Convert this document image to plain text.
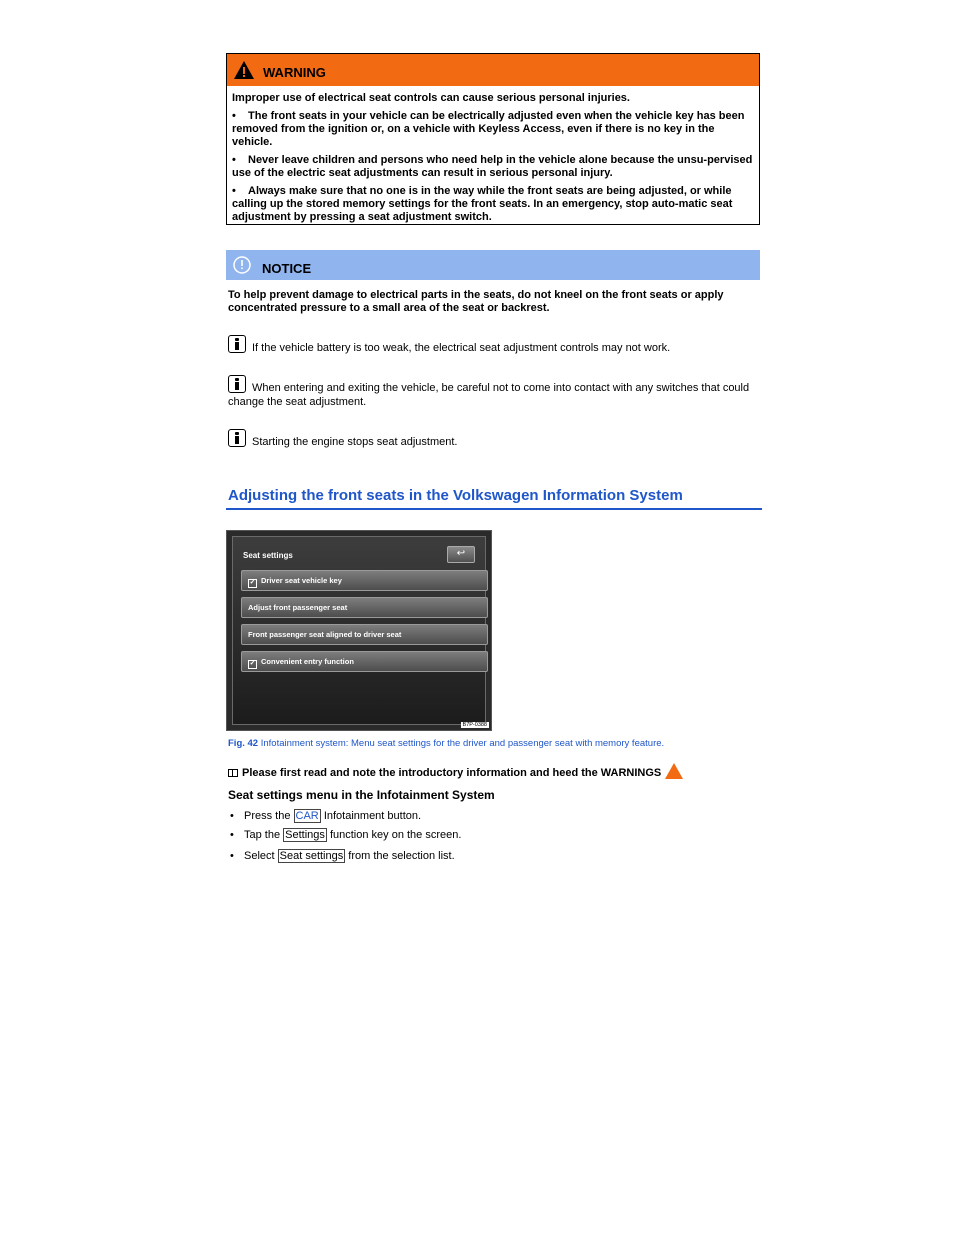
WARNING

Improper use of electrical seat controls can cause serious personal injuries.

• The front seats in your vehicle can be electrically adjusted even when the vehicle key has been removed from the ignition or, on a vehicle with Keyless Access, even if there is no key in the vehicle.

• Never leave children and persons who need help in the vehicle alone because the unsu-pervised use of the electric seat adjustments can result in serious personal injury.

• Always make sure that no one is in the way while the front seats are being adjusted, or while calling up the stored memory settings for the front seats. In an emergency, stop auto-matic seat adjustment by pressing a seat adjustment switch.

NOTICE
To help prevent damage to electrical parts in the seats, do not kneel on the front seats or apply concentrated pressure to a small area of the seat or backrest.
If the vehicle battery is too weak, the electrical seat adjustment controls may not work.
When entering and exiting the vehicle, be careful not to come into contact with any switches that could change the seat adjustment.
Starting the engine stops seat adjustment.
Adjusting the front seats in the Volkswagen Information System
Seat settings	↩
✓ Driver seat vehicle key
Adjust front passenger seat
Front passenger seat aligned to driver seat
✓ Convenient entry function
B7P-0388
Fig. 42 Infotainment system: Menu seat settings for the driver and passenger seat with memory feature.
Please first read and note the introductory information and heed the WARNINGS
Seat settings menu in the Infotainment System
• Press the CAR Infotainment button.
• Tap the Settings function key on the screen.
• Select Seat settings from the selection list.
